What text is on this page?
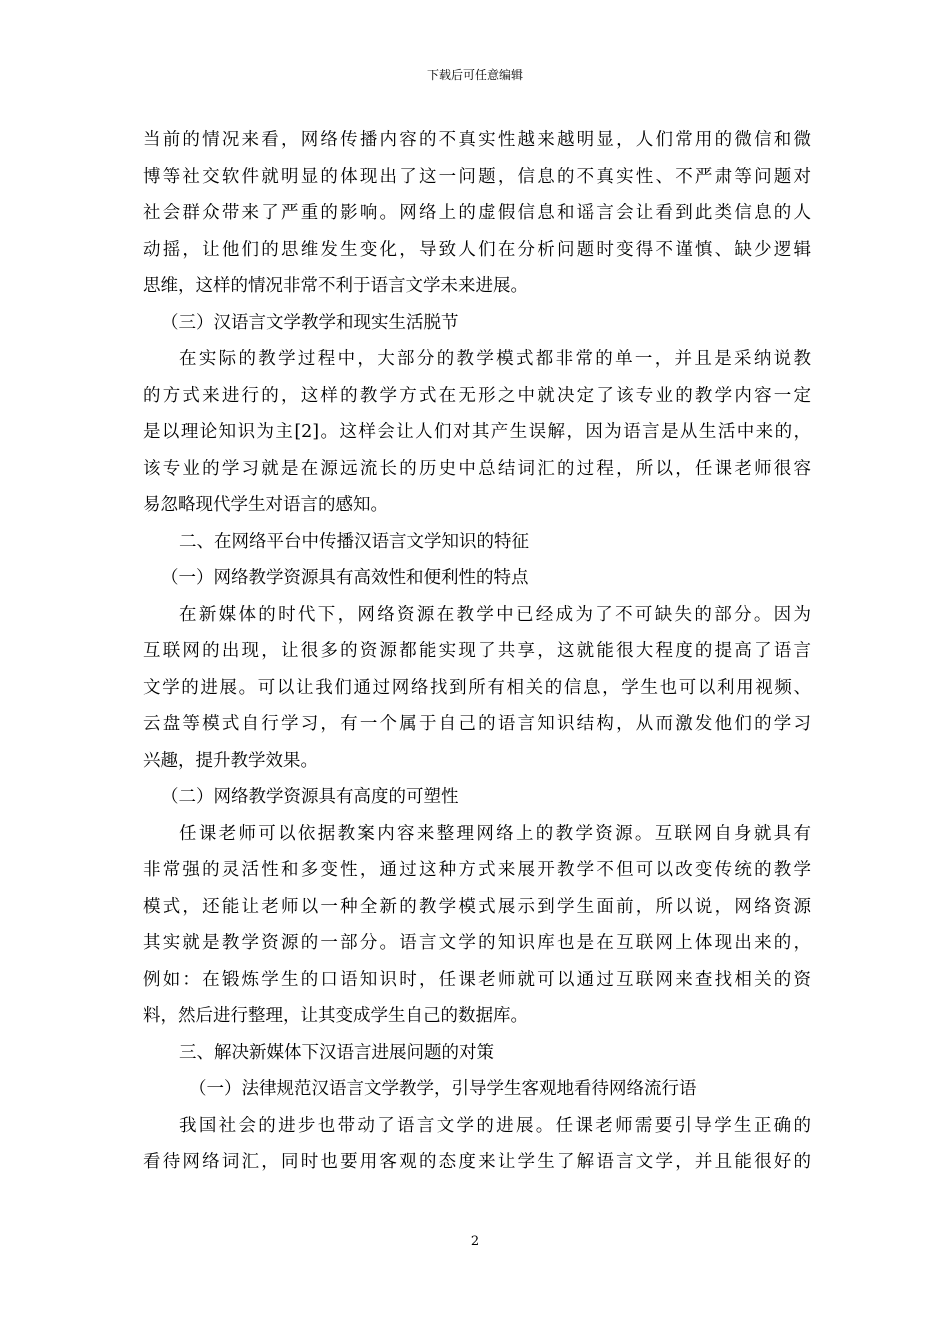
下载后可任意编辑
当前的情况来看，网络传播内容的不真实性越来越明显，人们常用的微信和微
博等社交软件就明显的体现出了这一问题，信息的不真实性、不严肃等问题对
社会群众带来了严重的影响。网络上的虚假信息和谣言会让看到此类信息的人
动摇，让他们的思维发生变化，导致人们在分析问题时变得不谨慎、缺少逻辑
思维，这样的情况非常不利于语言文学未来进展。
（三）汉语言文学教学和现实生活脱节
在实际的教学过程中，大部分的教学模式都非常的单一，并且是采纳说教
的方式来进行的，这样的教学方式在无形之中就决定了该专业的教学内容一定
是以理论知识为主[2]。这样会让人们对其产生误解，因为语言是从生活中来的，
该专业的学习就是在源远流长的历史中总结词汇的过程，所以，任课老师很容
易忽略现代学生对语言的感知。
二、在网络平台中传播汉语言文学知识的特征
（一）网络教学资源具有高效性和便利性的特点
在新媒体的时代下，网络资源在教学中已经成为了不可缺失的部分。因为
互联网的出现，让很多的资源都能实现了共享，这就能很大程度的提高了语言
文学的进展。可以让我们通过网络找到所有相关的信息，学生也可以利用视频、
云盘等模式自行学习，有一个属于自己的语言知识结构，从而激发他们的学习
兴趣，提升教学效果。
（二）网络教学资源具有高度的可塑性
任课老师可以依据教案内容来整理网络上的教学资源。互联网自身就具有
非常强的灵活性和多变性，通过这种方式来展开教学不但可以改变传统的教学
模式，还能让老师以一种全新的教学模式展示到学生面前，所以说，网络资源
其实就是教学资源的一部分。语言文学的知识库也是在互联网上体现出来的，
例如：在锻炼学生的口语知识时，任课老师就可以通过互联网来查找相关的资
料，然后进行整理，让其变成学生自己的数据库。
三、解决新媒体下汉语言进展问题的对策
（一）法律规范汉语言文学教学，引导学生客观地看待网络流行语
我国社会的进步也带动了语言文学的进展。任课老师需要引导学生正确的
看待网络词汇，同时也要用客观的态度来让学生了解语言文学，并且能很好的
2
